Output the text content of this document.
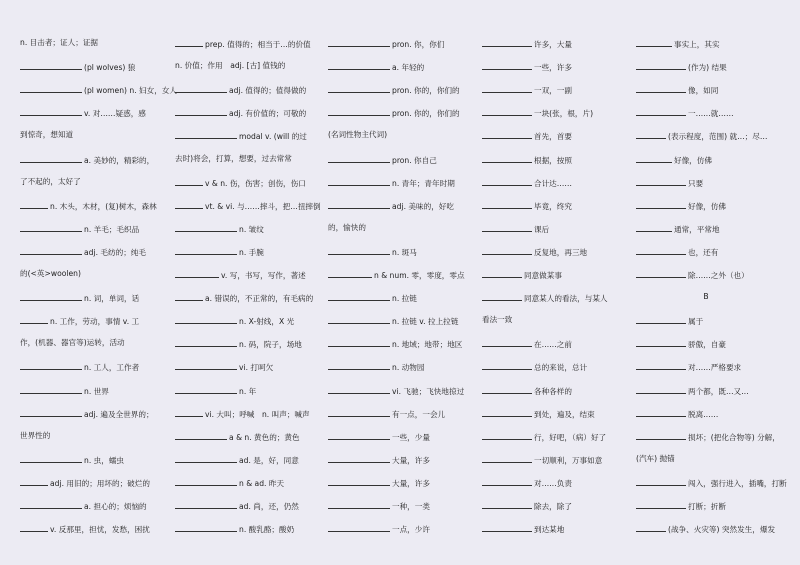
n. 目击者；证人；证据
(pl wolves) 狼
(pl women) n. 妇女，女人
v. 对……疑惑，感
到惊奇，想知道
a. 美妙的，精彩的，
了不起的，太好了
n. 木头，木材，(复)树木，森林
n. 羊毛；毛织品
adj. 毛纺的；纯毛
的(<英>woolen)
n. 词，单词，话
n. 工作，劳动，事情 v. 工
作，(机器、器官等)运转，活动
n. 工人，工作者
n. 世界
adj. 遍及全世界的；
世界性的
n. 虫，蠕虫
adj. 用旧的；用坏的；破烂的
a. 担心的；烦恼的
v. 反那里，担忧，发愁，困扰
prep. 值得的；相当于…的价值
n. 价值；作用　adj. [古] 值钱的
adj. 值得的；值得做的
adj. 有价值的；可敬的
modal v. (will 的过
去时)将会，打算，想要，过去常常
v & n. 伤，伤害；创伤，伤口
vt. & vi. 与……摔斗，把…扭摔倒
n. 皱纹
n. 手腕
v. 写，书写，写作，著述
a. 错误的，不正常的，有毛病的
n. X-射线，X 光
n. 码，院子，场地
vi. 打呵欠
n. 年
vi. 大叫；呼喊　n. 叫声；喊声
a & n. 黄色的；黄色
ad. 是，好，同意
n & ad. 昨天
ad. 尚，还，仍然
n. 酸乳酪；酸奶
pron. 你，你们
a. 年轻的
pron. 你的，你们的
pron. 你的，你们的
(名词性物主代词)
pron. 你自己
n. 青年；青年时期
adj. 美味的，好吃
的，愉快的
n. 斑马
n & num. 零，零度，零点
n. 拉链
n. 拉链 v. 拉上拉链
n. 地域；地带；地区
n. 动物园
vi. 飞驰；飞快地掠过
有一点，一会儿
一些，少量
大量，许多
大量，许多
一种，一类
一点，少许
许多，大量
一些，许多
一双，一副
一块(张，根，片)
首先，首要
根据，按照
合计达……
毕竟，终究
课后
反复地，再三地
同意做某事
同意某人的看法，与某人
看法一致
在……之前
总的来说，总计
各种各样的
到处，遍及，结束
行，好吧，（病）好了
一切顺利，万事如意
对……负责
除去，除了
到达某地
事实上，其实
(作为) 结果
像，如同
一……就……
(表示程度，范围) 就…；尽…
好像，仿佛
只要
好像，仿佛
通常，平常地
也，还有
除……之外（也）
B
属于
骄傲，自豪
对……严格要求
两个都，既…又…
脱离……
损坏；(把化合物等) 分解，
(汽车) 抛锚
闯入，强行进入，插嘴，打断
打断；折断
(战争、火灾等) 突然发生，爆发
